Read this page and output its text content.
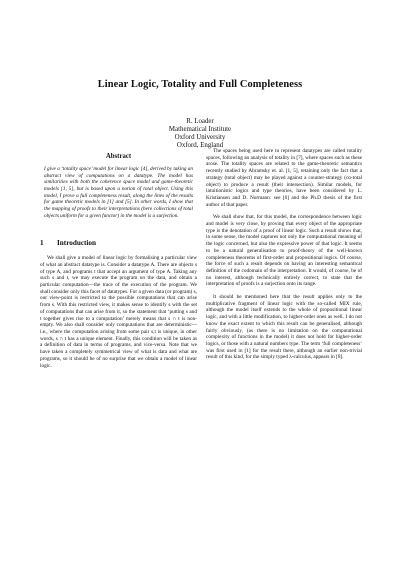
Linear Logic, Totality and Full Completeness
R. Loader
Mathematical Institute
Oxford University
Oxford, England
Abstract

I give a ‘totality space’ model for linear logic [4], derived by taking an abstract view of computations on a datatype. The model has similarities with both the coherence space model and game-theoretic models [1, 5], but is based upon a notion of total object. Using this model, I prove a full completeness result, along the lines of the results for game theoretic models in [1] and [5]. In other words, I show that the mapping of proofs to their interpretations (here collections of total objects uniform for a given functor) in the model is a surjection.

1 Introduction

We shall give a model of linear logic by formalising a particular view of what an abstract datatype is. Consider a datatype A. There are objects s of type A, and programs t that accept an argument of type A. Taking any such s and t, we may execute the program on the data, and obtain a particular computation—the trace of the execution of the program. We shall consider only this facet of datatypes. For a given data (or program) s, our view-point is restricted to the possible computations that can arise from s. With this restricted view, it makes sense to identify s with the set of computations that can arise from it, so the statement that ‘putting s and t together gives rise to a computation’ merely means that s ∩ t is non-empty. We also shall consider only computations that are deterministic—i.e., where the computation arising from some pair s,t is unique, in other words, s ∩ t has a unique element. Finally, this condition will be taken as a definition of data in terms of programs, and vice-versa. Note that we have taken a completely symmetrical view of what is data and what are programs, so it should be of no surprise that we obtain a model of linear logic.

The spaces being used here to represent datatypes are called totality spaces, following an analysis of totality in [7], where spaces such as these arose. The totality spaces are related to the game-theoretic semantics recently studied by Abramsky et. al. [1, 5], retaining only the fact that a strategy (total object) may be played against a counter-strategy (co-total object) to produce a result (their intersection). Similar models, for intuitionistic logics and type theories, have been considered by L. Kristiansen and D. Normann: see [6] and the Ph.D thesis of the first author of that paper.

We shall show that, for this model, the correspondence between logic and model is very close, by proving that every object of the appropriate type is the denotation of a proof of linear logic. Such a result shows that, in some sense, the model captures not only the computational meaning of the logic concerned, but also the expressive power of that logic. It seems to be a natural generalisation to proof-theory of the well-known completeness theorems of first-order and propositional logics. Of course, the force of such a result depends on having an interesting semantical definition of the codomain of the interpretation. It would, of course, be of no interest, although technically entirely correct, to state that the interpretation of proofs is a surjection onto its range.

It should be mentioned here that the result applies only to the multiplicative fragment of linear logic with the so-called MIX rule, although the model itself extends to the whole of propositional linear logic, and with a little modification, to higher-order ones as well. I do not know the exact extent to which this result can be generalised, although fairly obviously, (as there is no limitation on the computational complexity of functions in the model) it does not hold for higher-order logics, or those with a natural numbers type. The term ‘full completeness’ was first used in [1] for the result there, although an earlier non-trivial result of this kind, for the simply typed λ-calculus, appears in [8].
